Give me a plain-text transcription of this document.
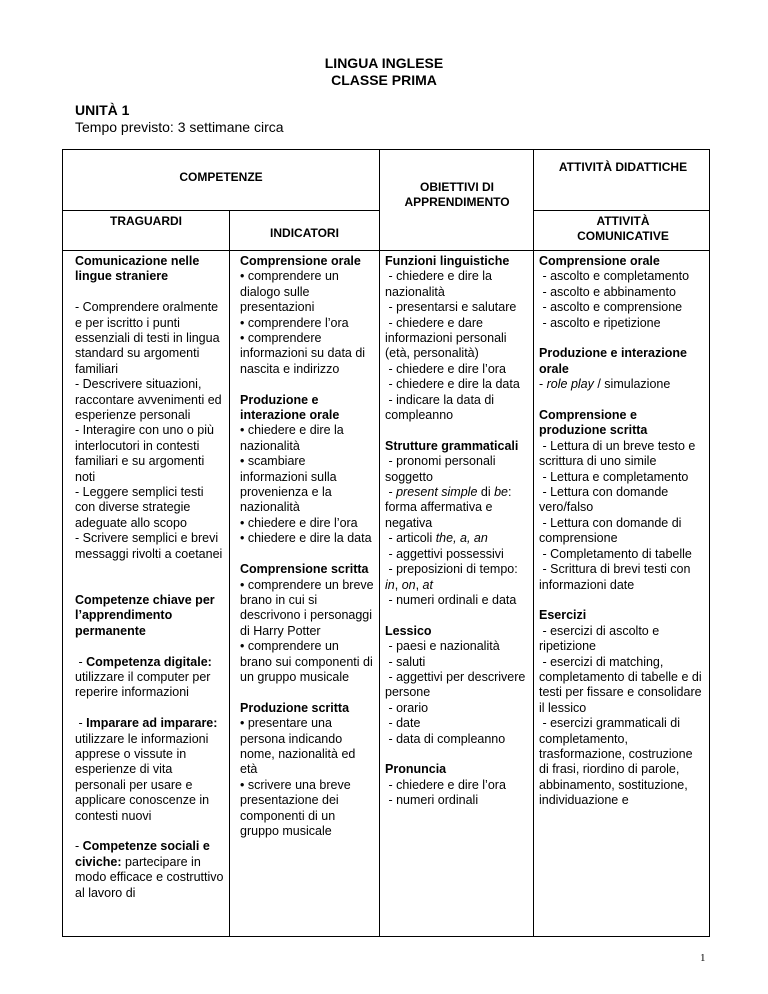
LINGUA INGLESE
CLASSE PRIMA
UNITÀ 1
Tempo previsto: 3 settimane circa
COMPETENZE
TRAGUARDI
INDICATORI
OBIETTIVI DI APPRENDIMENTO
ATTIVITÀ DIDATTICHE
ATTIVITÀ COMUNICATIVE

Comunicazione nelle lingue straniere

- Comprendere oralmente e per iscritto i punti essenziali di testi in lingua standard su argomenti familiari

- Descrivere situazioni, raccontare avvenimenti ed esperienze personali

- Interagire con uno o più interlocutori in contesti familiari e su argomenti noti

- Leggere semplici testi con diverse strategie adeguate allo scopo

- Scrivere semplici e brevi messaggi rivolti a coetanei

Competenze chiave per l’apprendimento permanente

- Competenza digitale: utilizzare il computer per reperire informazioni

- Imparare ad imparare: utilizzare le informazioni apprese o vissute in esperienze di vita personali per usare e applicare conoscenze in contesti nuovi

- Competenze sociali e civiche: partecipare in modo efficace e costruttivo al lavoro di

Comprensione orale

• comprendere un dialogo sulle presentazioni

• comprendere l’ora

• comprendere informazioni su data di nascita e indirizzo

Produzione e interazione orale

• chiedere e dire la nazionalità

• scambiare informazioni sulla provenienza e la nazionalità

• chiedere e dire l’ora

• chiedere e dire la data

Comprensione scritta

• comprendere un breve brano in cui si descrivono i personaggi di Harry Potter

• comprendere un brano sui componenti di un gruppo musicale

Produzione scritta

• presentare una persona indicando nome, nazionalità ed età

• scrivere una breve presentazione dei componenti di un gruppo musicale

Funzioni linguistiche

- chiedere e dire la nazionalità

- presentarsi e salutare

- chiedere e dare informazioni personali (età, personalità)

- chiedere e dire l’ora

- chiedere e dire la data

- indicare la data di compleanno

Strutture grammaticali

- pronomi personali soggetto

- present simple di be: forma affermativa e negativa

- articoli the, a, an

- aggettivi possessivi

- preposizioni di tempo: in, on, at

- numeri ordinali e data

Lessico

- paesi e nazionalità

- saluti

- aggettivi per descrivere persone

- orario

- date

- data di compleanno

Pronuncia

- chiedere e dire l’ora

- numeri ordinali

Comprensione orale

- ascolto e completamento

- ascolto e abbinamento

- ascolto e comprensione

- ascolto e ripetizione

Produzione e interazione orale

- role play / simulazione

Comprensione e produzione scritta

- Lettura di un breve testo e scrittura di uno simile

- Lettura e completamento

- Lettura con domande vero/falso

- Lettura con domande di comprensione

- Completamento di tabelle

- Scrittura di brevi testi con informazioni date

Esercizi

- esercizi di ascolto e ripetizione

- esercizi di matching, completamento di tabelle e di testi per fissare e consolidare il lessico

- esercizi grammaticali di completamento, trasformazione, costruzione di frasi, riordino di parole, abbinamento, sostituzione, individuazione e

1
